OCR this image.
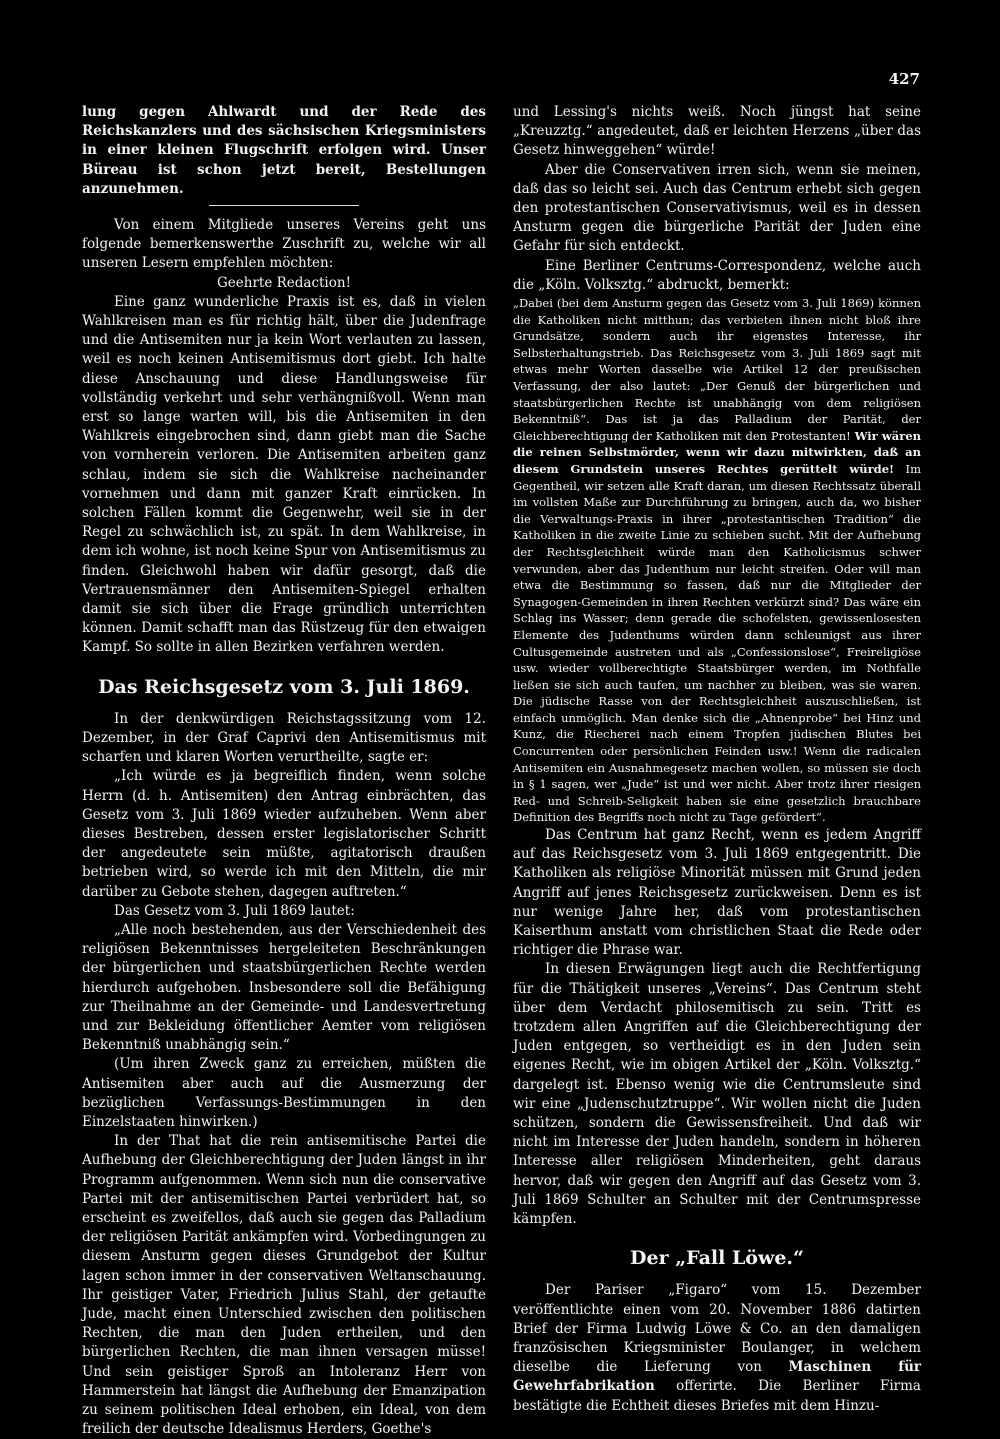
427

lung gegen Ahlwardt und der Rede des Reichskanzlers und des sächsischen Kriegsministers in einer kleinen Flugschrift erfolgen wird. Unser Büreau ist schon jetzt bereit, Bestellungen anzunehmen.

Von einem Mitgliede unseres Vereins geht uns folgende bemerkenswerthe Zuschrift zu, welche wir all unseren Lesern empfehlen möchten:

Geehrte Redaction!

Eine ganz wunderliche Praxis ist es, daß in vielen Wahlkreisen man es für richtig hält, über die Judenfrage und die Antisemiten nur ja kein Wort verlauten zu lassen, weil es noch keinen Antisemitismus dort giebt. Ich halte diese Anschauung und diese Handlungsweise für vollständig verkehrt und sehr verhängnißvoll. Wenn man erst so lange warten will, bis die Antisemiten in den Wahlkreis eingebrochen sind, dann giebt man die Sache von vornherein verloren. Die Antisemiten arbeiten ganz schlau, indem sie sich die Wahlkreise nacheinander vornehmen und dann mit ganzer Kraft einrücken. In solchen Fällen kommt die Gegenwehr, weil sie in der Regel zu schwächlich ist, zu spät. In dem Wahlkreise, in dem ich wohne, ist noch keine Spur von Antisemitismus zu finden. Gleichwohl haben wir dafür gesorgt, daß die Vertrauensmänner den Antisemiten-Spiegel erhalten damit sie sich über die Frage gründlich unterrichten können. Damit schafft man das Rüstzeug für den etwaigen Kampf. So sollte in allen Bezirken verfahren werden.

Das Reichsgesetz vom 3. Juli 1869.

In der denkwürdigen Reichstagssitzung vom 12. Dezember, in der Graf Caprivi den Antisemitismus mit scharfen und klaren Worten verurtheilte, sagte er:

„Ich würde es ja begreiflich finden, wenn solche Herrn (d. h. Antisemiten) den Antrag einbrächten, das Gesetz vom 3. Juli 1869 wieder aufzuheben. Wenn aber dieses Bestreben, dessen erster legislatorischer Schritt der angedeutete sein müßte, agitatorisch draußen betrieben wird, so werde ich mit den Mitteln, die mir darüber zu Gebote stehen, dagegen auftreten.“

Das Gesetz vom 3. Juli 1869 lautet:

„Alle noch bestehenden, aus der Verschiedenheit des religiösen Bekenntnisses hergeleiteten Beschränkungen der bürgerlichen und staatsbürgerlichen Rechte werden hierdurch aufgehoben. Insbesondere soll die Befähigung zur Theilnahme an der Gemeinde- und Landesvertretung und zur Bekleidung öffentlicher Aemter vom religiösen Bekenntniß unabhängig sein.“

(Um ihren Zweck ganz zu erreichen, müßten die Antisemiten aber auch auf die Ausmerzung der bezüglichen Verfassungs-Bestimmungen in den Einzelstaaten hinwirken.)

In der That hat die rein antisemitische Partei die Aufhebung der Gleichberechtigung der Juden längst in ihr Programm aufgenommen. Wenn sich nun die conservative Partei mit der antisemitischen Partei verbrüdert hat, so erscheint es zweifellos, daß auch sie gegen das Palladium der religiösen Parität ankämpfen wird. Vorbedingungen zu diesem Ansturm gegen dieses Grundgebot der Kultur lagen schon immer in der conservativen Weltanschauung. Ihr geistiger Vater, Friedrich Julius Stahl, der getaufte Jude, macht einen Unterschied zwischen den politischen Rechten, die man den Juden ertheilen, und den bürgerlichen Rechten, die man ihnen versagen müsse! Und sein geistiger Sproß an Intoleranz Herr von Hammerstein hat längst die Aufhebung der Emanzipation zu seinem politischen Ideal erhoben, ein Ideal, von dem freilich der deutsche Idealismus Herders, Goethe's

und Lessing's nichts weiß. Noch jüngst hat seine „Kreuzztg.“ angedeutet, daß er leichten Herzens „über das Gesetz hinweggehen“ würde!

Aber die Conservativen irren sich, wenn sie meinen, daß das so leicht sei. Auch das Centrum erhebt sich gegen den protestantischen Conservativismus, weil es in dessen Ansturm gegen die bürgerliche Parität der Juden eine Gefahr für sich entdeckt.

Eine Berliner Centrums-Correspondenz, welche auch die „Köln. Volksztg.“ abdruckt, bemerkt:

„Dabei (bei dem Ansturm gegen das Gesetz vom 3. Juli 1869) können die Katholiken nicht mitthun; das verbieten ihnen nicht bloß ihre Grundsätze, sondern auch ihr eigenstes Interesse, ihr Selbsterhaltungstrieb. Das Reichsgesetz vom 3. Juli 1869 sagt mit etwas mehr Worten dasselbe wie Artikel 12 der preußischen Verfassung, der also lautet: „Der Genuß der bürgerlichen und staatsbürgerlichen Rechte ist unabhängig von dem religiösen Bekenntniß“. Das ist ja das Palladium der Parität, der Gleichberechtigung der Katholiken mit den Protestanten! Wir wären die reinen Selbstmörder, wenn wir dazu mitwirkten, daß an diesem Grundstein unseres Rechtes gerüttelt würde! Im Gegentheil, wir setzen alle Kraft daran, um diesen Rechtssatz überall im vollsten Maße zur Durchführung zu bringen, auch da, wo bisher die Verwaltungs-Praxis in ihrer „protestantischen Tradition“ die Katholiken in die zweite Linie zu schieben sucht. Mit der Aufhebung der Rechtsgleichheit würde man den Katholicismus schwer verwunden, aber das Judenthum nur leicht streifen. Oder will man etwa die Bestimmung so fassen, daß nur die Mitglieder der Synagogen-Gemeinden in ihren Rechten verkürzt sind? Das wäre ein Schlag ins Wasser; denn gerade die schofelsten, gewissenlosesten Elemente des Judenthums würden dann schleunigst aus ihrer Cultusgemeinde austreten und als „Confessionslose“, Freireligiöse usw. wieder vollberechtigte Staatsbürger werden, im Nothfalle ließen sie sich auch taufen, um nachher zu bleiben, was sie waren. Die jüdische Rasse von der Rechtsgleichheit auszuschließen, ist einfach unmöglich. Man denke sich die „Ahnenprobe“ bei Hinz und Kunz, die Riecherei nach einem Tropfen jüdischen Blutes bei Concurrenten oder persönlichen Feinden usw.! Wenn die radicalen Antisemiten ein Ausnahmegesetz machen wollen, so müssen sie doch in § 1 sagen, wer „Jude“ ist und wer nicht. Aber trotz ihrer riesigen Red- und Schreib-Seligkeit haben sie eine gesetzlich brauchbare Definition des Begriffs noch nicht zu Tage gefördert“.

Das Centrum hat ganz Recht, wenn es jedem Angriff auf das Reichsgesetz vom 3. Juli 1869 entgegentritt. Die Katholiken als religiöse Minorität müssen mit Grund jeden Angriff auf jenes Reichsgesetz zurückweisen. Denn es ist nur wenige Jahre her, daß vom protestantischen Kaiserthum anstatt vom christlichen Staat die Rede oder richtiger die Phrase war.

In diesen Erwägungen liegt auch die Rechtfertigung für die Thätigkeit unseres „Vereins“. Das Centrum steht über dem Verdacht philosemitisch zu sein. Tritt es trotzdem allen Angriffen auf die Gleichberechtigung der Juden entgegen, so vertheidigt es in den Juden sein eigenes Recht, wie im obigen Artikel der „Köln. Volksztg.“ dargelegt ist. Ebenso wenig wie die Centrumsleute sind wir eine „Judenschutztruppe“. Wir wollen nicht die Juden schützen, sondern die Gewissensfreiheit. Und daß wir nicht im Interesse der Juden handeln, sondern in höheren Interesse aller religiösen Minderheiten, geht daraus hervor, daß wir gegen den Angriff auf das Gesetz vom 3. Juli 1869 Schulter an Schulter mit der Centrumspresse kämpfen.

Der „Fall Löwe.“

Der Pariser „Figaro“ vom 15. Dezember veröffentlichte einen vom 20. November 1886 datirten Brief der Firma Ludwig Löwe & Co. an den damaligen französischen Kriegsminister Boulanger, in welchem dieselbe die Lieferung von Maschinen für Gewehrfabrikation offerirte. Die Berliner Firma bestätigte die Echtheit dieses Briefes mit dem Hinzu-
